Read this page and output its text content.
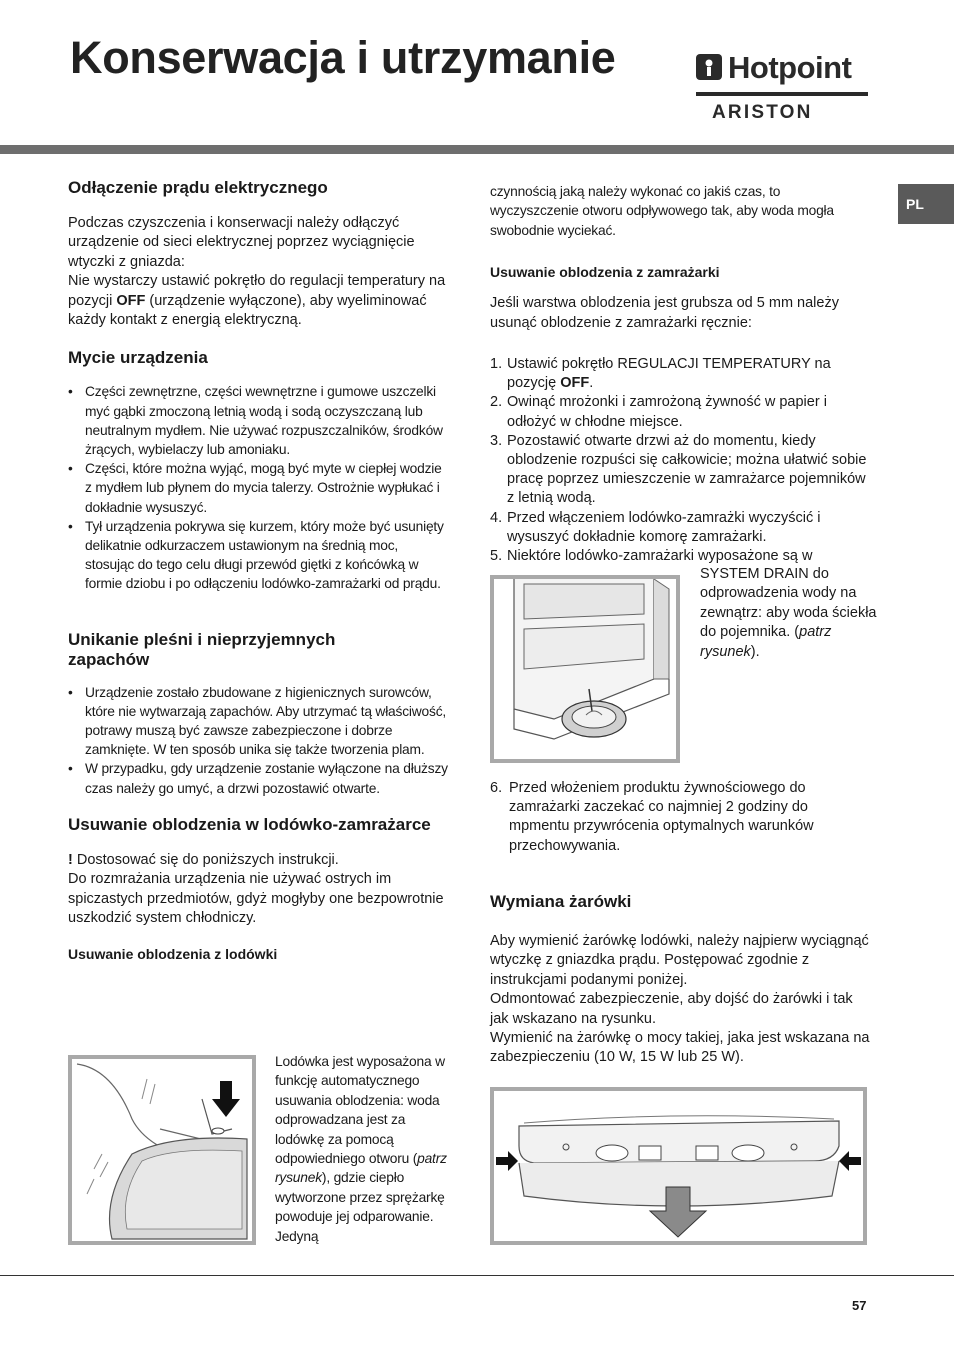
Konserwacja i utrzymanie	Hotpoint
ARISTON
PL
Odłączenie prądu elektrycznego

Podczas czyszczenia i konserwacji należy odłączyć urządzenie od sieci elektrycznej poprzez wyciągnięcie wtyczki z gniazda:

Nie wystarczy ustawić pokrętło do regulacji temperatury na pozycji OFF (urządzenie wyłączone), aby wyeliminować każdy kontakt z energią elektryczną.

Mycie urządzenia
• Części zewnętrzne, części wewnętrzne i gumowe uszczelki myć gąbki zmoczoną letnią wodą i sodą oczyszczaną lub neutralnym mydłem. Nie używać rozpuszczalników, środków żrących, wybielaczy lub amoniaku.
• Części, które można wyjąć, mogą być myte w ciepłej wodzie z mydłem lub płynem do mycia talerzy. Ostrożnie wypłukać i dokładnie wysuszyć.
• Tył urządzenia pokrywa się kurzem, który może być usunięty delikatnie odkurzaczem ustawionym na średnią moc, stosując do tego celu długi przewód giętki z końcówką w formie dziobu i po odłączeniu lodówko-zamrażarki od prądu.
Unikanie pleśni i nieprzyjemnych zapachów
• Urządzenie zostało zbudowane z higienicznych surowców, które nie wytwarzają zapachów. Aby utrzymać tą właściwość, potrawy muszą być zawsze zabezpieczone i dobrze zamknięte. W ten sposób unika się także tworzenia plam.
• W przypadku, gdy urządzenie zostanie wyłączone na dłuższy czas należy go umyć, a drzwi pozostawić otwarte.
Usuwanie oblodzenia w lodówko-zamrażarce

! Dostosować się do poniższych instrukcji.

Do rozmrażania urządzenia nie używać ostrych im spiczastych przedmiotów, gdyż mogłyby one bezpowrotnie uszkodzić system chłodniczy.

Usuwanie oblodzenia z lodówki

Lodówka jest wyposażona w funkcję automatycznego usuwania oblodzenia: woda odprowadzana jest za lodówkę za pomocą odpowiedniego otworu (patrz rysunek), gdzie ciepło wytworzone przez sprężarkę powoduje jej odparowanie. Jedyną

czynnością jaką należy wykonać co jakiś czas, to wyczyszczenie otworu odpływowego tak, aby woda mogła swobodnie wyciekać.

Usuwanie oblodzenia z zamrażarki

Jeśli warstwa oblodzenia jest grubsza od 5 mm należy usunąć oblodzenie z zamrażarki ręcznie:

1. Ustawić pokrętło REGULACJI TEMPERATURY na pozycję OFF.
2. Owinąć mrożonki i zamrożoną żywność w papier i odłożyć w chłodne miejsce.
3. Pozostawić otwarte drzwi aż do momentu, kiedy oblodzenie rozpuści się całkowicie; można ułatwić sobie pracę poprzez umieszczenie w zamrażarce pojemników z letnią wodą.
4. Przed włączeniem lodówko-zamrażki wyczyścić i wysuszyć dokładnie komorę zamrażarki.
5. Niektóre lodówko-zamrażarki wyposażone są w

SYSTEM DRAIN do odprowadzenia wody na zewnątrz: aby woda ściekła do pojemnika. (patrz rysunek).

6. Przed włożeniem produktu żywnościowego do zamrażarki zaczekać co najmniej 2 godziny do mpmentu przywrócenia optymalnych warunków przechowywania.
Wymiana żarówki

Aby wymienić żarówkę lodówki, należy najpierw wyciągnąć wtyczkę z gniazdka prądu. Postępować zgodnie z instrukcjami podanymi poniżej.

Odmontować zabezpieczenie, aby dojść do żarówki i tak jak wskazano na rysunku.

Wymienić na żarówkę o mocy takiej, jaka jest wskazana na zabezpieczeniu (10 W, 15 W lub 25 W).

57
